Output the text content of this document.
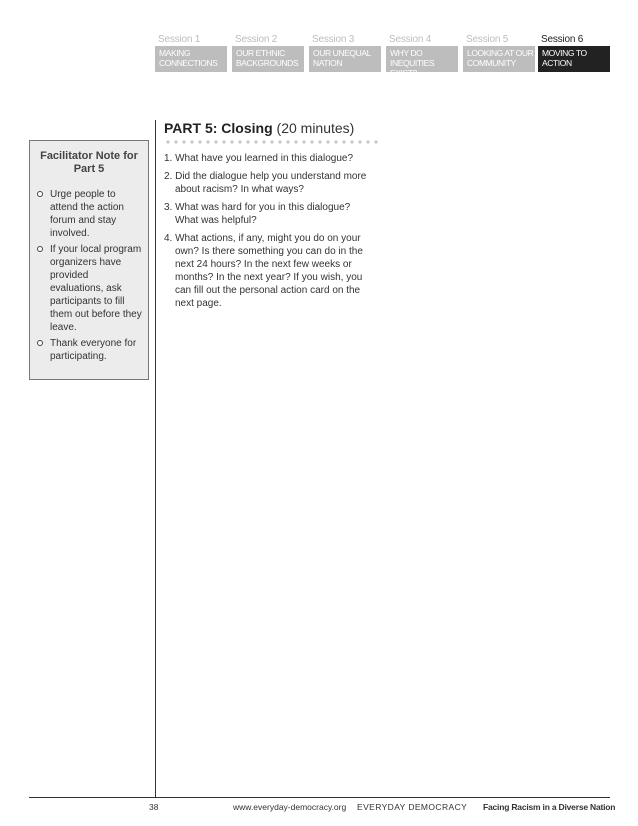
Session 1
MAKING CONNECTIONS
Session 2
OUR ETHNIC BACKGROUNDS
Session 3
OUR UNEQUAL NATION
Session 4
WHY DO INEQUITIES EXIST?
Session 5
LOOKING AT OUR COMMUNITY
Session 6
MOVING TO ACTION
Facilitator Note for Part 5
Urge people to attend the action forum and stay involved.
If your local program organizers have provided evaluations, ask participants to fill them out before they leave.
Thank everyone for participating.
PART 5: Closing (20 minutes)
1. What have you learned in this dialogue?
2. Did the dialogue help you understand more about racism? In what ways?
3. What was hard for you in this dialogue? What was helpful?
4. What actions, if any, might you do on your own? Is there something you can do in the next 24 hours? In the next few weeks or months? In the next year? If you wish, you can fill out the personal action card on the next page.
38	www.everyday-democracy.org EVERYDAY DEMOCRACY Facing Racism in a Diverse Nation
